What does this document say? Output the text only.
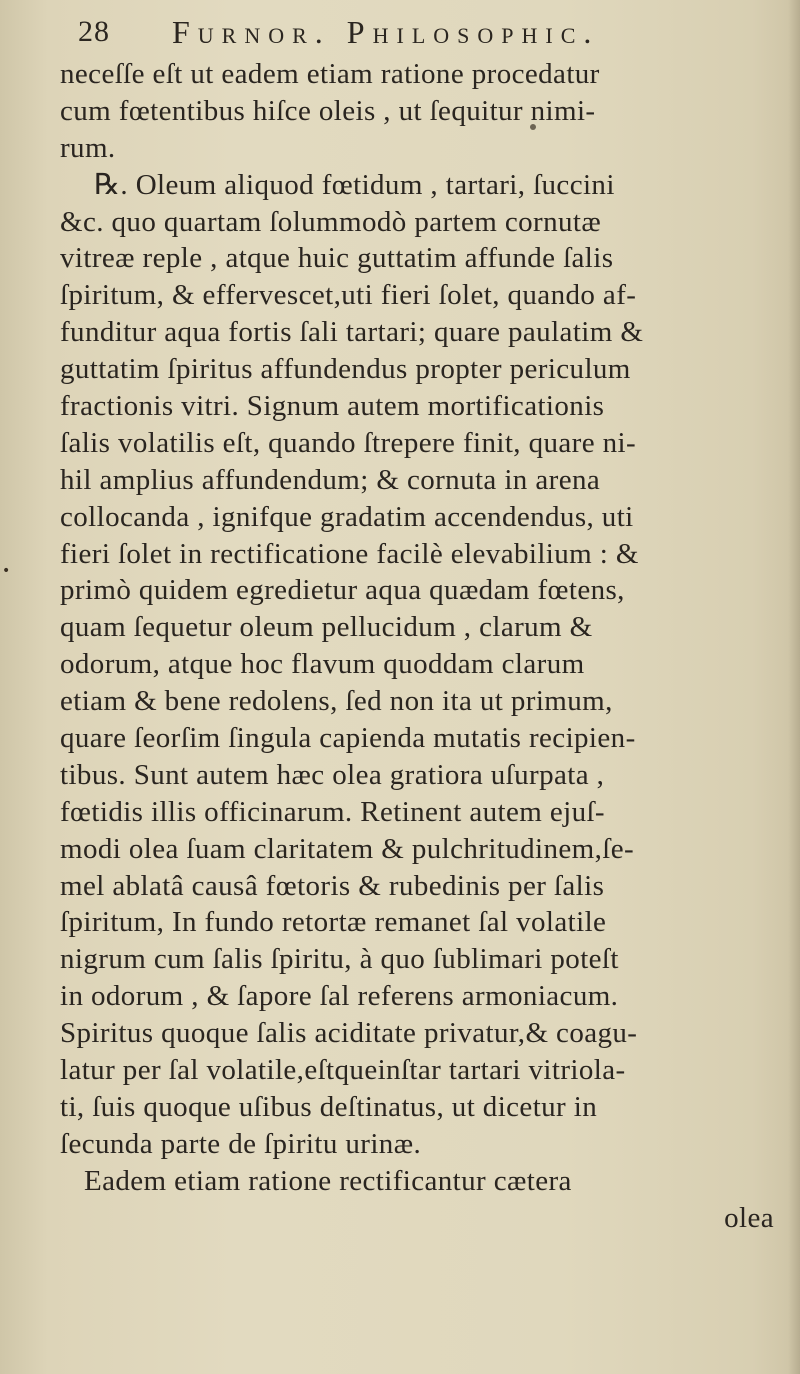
28 Furnor. Philosophic.
•
neceſſe eſt ut eadem etiam ratione procedatur
cum fœtentibus hiſce oleis , ut ſequitur nimi-
rum.
℞. Oleum aliquod fœtidum , tartari, ſuccini
&c. quo quartam ſolummodò partem cornutæ
vitreæ reple , atque huic guttatim affunde ſalis
ſpiritum, & effervescet,uti fieri ſolet, quando af-
funditur aqua fortis ſali tartari; quare paulatim &
guttatim ſpiritus affundendus propter periculum
fractionis vitri. Signum autem mortificationis
ſalis volatilis eſt, quando ſtrepere finit, quare ni-
hil amplius affundendum; & cornuta in arena
collocanda , ignifque gradatim accendendus, uti
fieri ſolet in rectificatione facilè elevabilium : &
primò quidem egredietur aqua quædam fœtens,
quam ſequetur oleum pellucidum , clarum &
odorum, atque hoc flavum quoddam clarum
etiam & bene redolens, ſed non ita ut primum,
quare ſeorſim ſingula capienda mutatis recipien-
tibus. Sunt autem hæc olea gratiora uſurpata ,
fœtidis illis officinarum. Retinent autem ejuſ-
modi olea ſuam claritatem & pulchritudinem,ſe-
mel ablatâ causâ fœtoris & rubedinis per ſalis
ſpiritum, In fundo retortæ remanet ſal volatile
nigrum cum ſalis ſpiritu, à quo ſublimari poteſt
in odorum , & ſapore ſal referens armoniacum.
Spiritus quoque ſalis aciditate privatur,& coagu-
latur per ſal volatile,eſtqueinſtar tartari vitriola-
ti, ſuis quoque uſibus deſtinatus, ut dicetur in
ſecunda parte de ſpiritu urinæ.
Eadem etiam ratione rectificantur cætera
olea
